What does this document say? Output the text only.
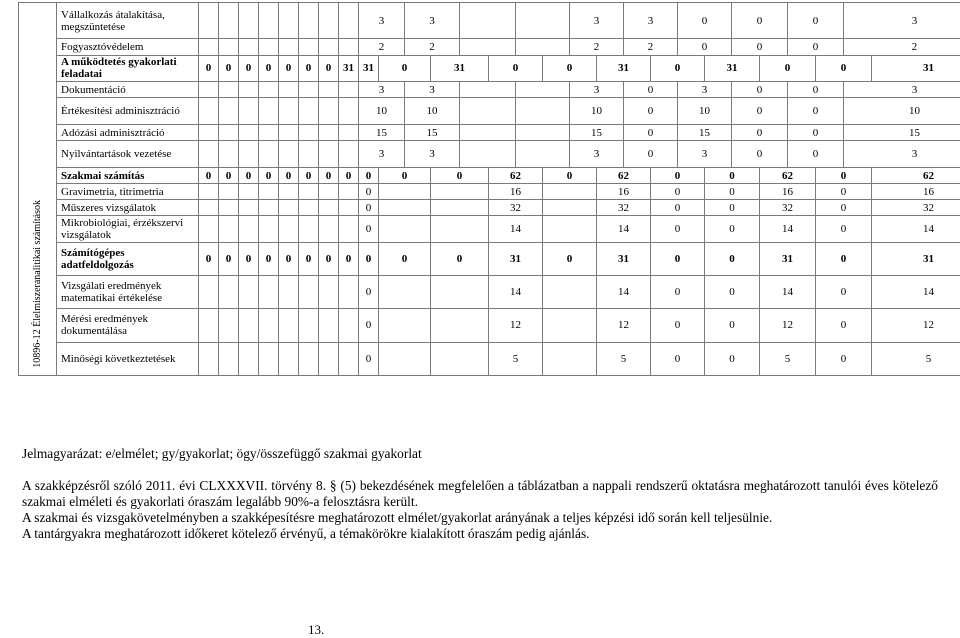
10896-12 Élelmiszeranalitikai számítások	Vállalkozás átalakítása, megszüntetése									3		3						3		3		0		0		0		3	
	Fogyasztóvédelem									2		2						2		2		0		0		0		2	
	A működtetés gyakorlati feladatai	0	0	0	0	0	0	0	31	31	0		31		0		0		31		0		31		0		0		31
	Dokumentáció									3		3						3		0		3		0		0		3	
	Értékesítési adminisztráció									10		10						10		0		10		0		0		10	
	Adózási adminisztráció									15		15						15		0		15		0		0		15	
	Nyilvántartások vezetése									3		3						3		0		3		0		0		3	
	Szakmai számítás	0	0	0	0	0	0	0	0	0	0		0		62		0		62		0		0		62		0		62
	Gravimetria, titrimetria									0					16				16		0		0		16		0		16
	Műszeres vizsgálatok									0					32				32		0		0		32		0		32
	Mikrobiológiai, érzékszervi vizsgálatok									0					14				14		0		0		14		0		14
	Számítógépes adatfeldolgozás	0	0	0	0	0	0	0	0	0	0		0		31		0		31		0		0		31		0		31
	Vizsgálati eredmények matematikai értékelése									0					14				14		0		0		14		0		14
	Mérési eredmények dokumentálása									0					12				12		0		0		12		0		12
	Minőségi következtetések									0					5				5		0		0		5		0		5

Jelmagyarázat: e/elmélet; gy/gyakorlat; ögy/összefüggő szakmai gyakorlat

A szakképzésről szóló 2011. évi CLXXXVII. törvény 8. § (5) bekezdésének megfelelően a táblázatban a nappali rendszerű oktatásra meghatározott tanulói éves kötelező szakmai elméleti és gyakorlati óraszám legalább 90%-a felosztásra került.

A szakmai és vizsgakövetelményben a szakképesítésre meghatározott elmélet/gyakorlat arányának a teljes képzési idő során kell teljesülnie.

A tantárgyakra meghatározott időkeret kötelező érvényű, a témakörökre kialakított óraszám pedig ajánlás.

13.
